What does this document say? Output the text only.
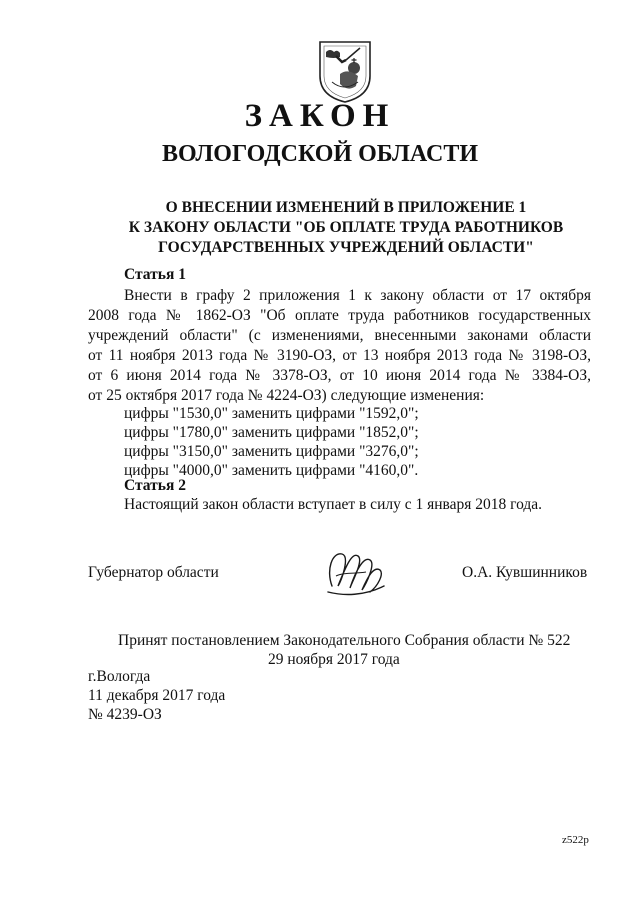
ЗАКОН
ВОЛОГОДСКОЙ ОБЛАСТИ
О ВНЕСЕНИИ ИЗМЕНЕНИЙ В ПРИЛОЖЕНИЕ 1
К ЗАКОНУ ОБЛАСТИ "ОБ ОПЛАТЕ ТРУДА РАБОТНИКОВ
ГОСУДАРСТВЕННЫХ УЧРЕЖДЕНИЙ ОБЛАСТИ"
Статья 1
Внести в графу 2 приложения 1 к закону области от 17 октября
2008 года № 1862-ОЗ "Об оплате труда работников государственных
учреждений области" (с изменениями, внесенными законами области
от 11 ноября 2013 года № 3190-ОЗ, от 13 ноября 2013 года № 3198-ОЗ,
от 6 июня 2014 года № 3378-ОЗ, от 10 июня 2014 года № 3384-ОЗ,
от 25 октября 2017 года № 4224-ОЗ) следующие изменения:
цифры "1530,0" заменить цифрами "1592,0";
цифры "1780,0" заменить цифрами "1852,0";
цифры "3150,0" заменить цифрами "3276,0";
цифры "4000,0" заменить цифрами "4160,0".
Статья 2
Настоящий закон области вступает в силу с 1 января 2018 года.
Губернатор области	О.А. Кувшинников
Принят постановлением Законодательного Собрания области № 522
29 ноября 2017 года
г.Вологда
11 декабря 2017 года
№ 4239-ОЗ
z522p
